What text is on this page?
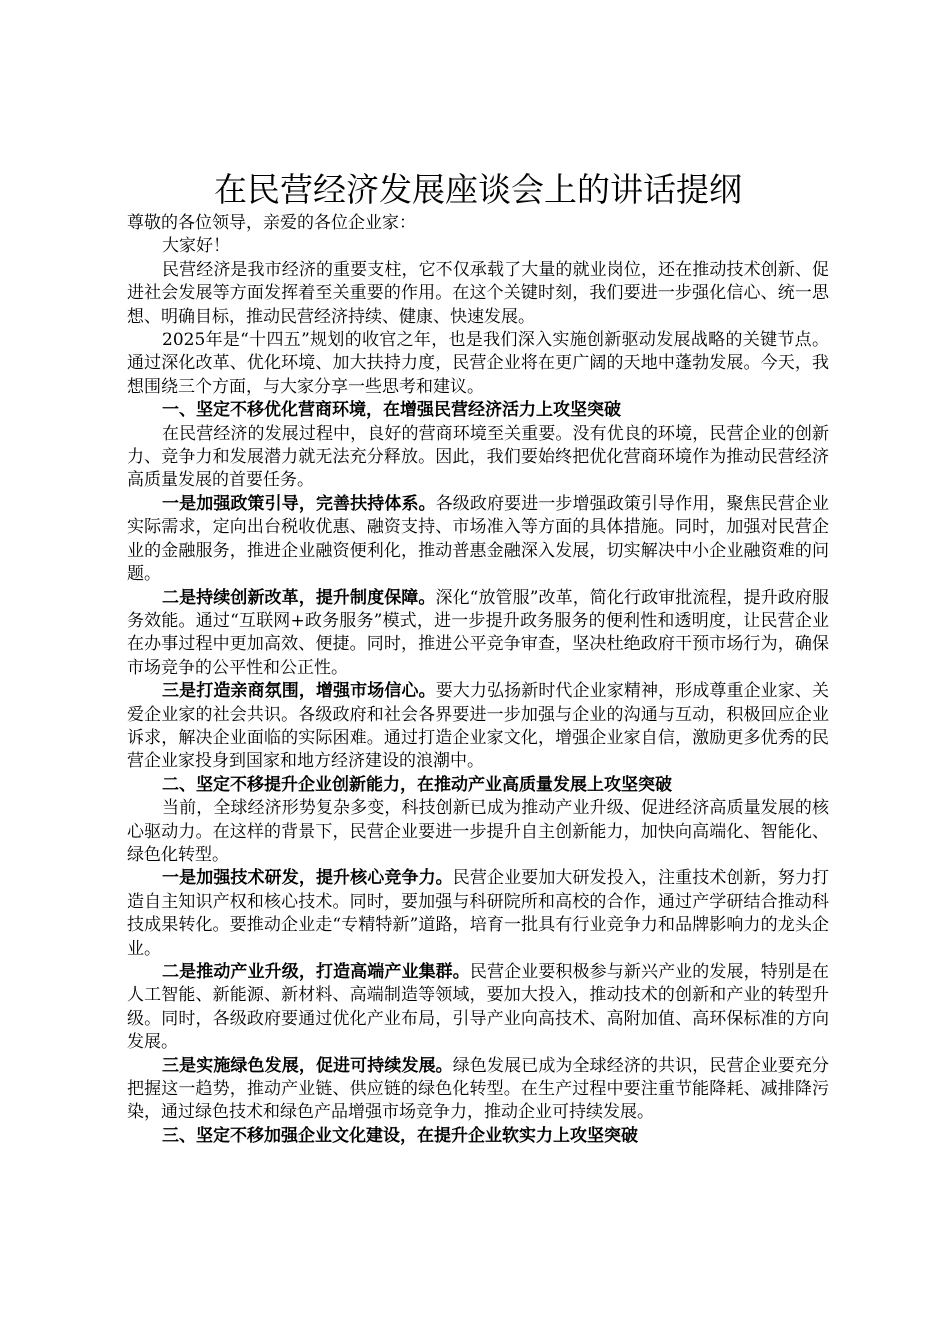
在民营经济发展座谈会上的讲话提纲

尊敬的各位领导，亲爱的各位企业家：

大家好！

民营经济是我市经济的重要支柱，它不仅承载了大量的就业岗位，还在推动技术创新、促进社会发展等方面发挥着至关重要的作用。在这个关键时刻，我们要进一步强化信心、统一思想、明确目标，推动民营经济持续、健康、快速发展。

2025年是“十四五”规划的收官之年，也是我们深入实施创新驱动发展战略的关键节点。通过深化改革、优化环境、加大扶持力度，民营企业将在更广阔的天地中蓬勃发展。今天，我想围绕三个方面，与大家分享一些思考和建议。

一、坚定不移优化营商环境，在增强民营经济活力上攻坚突破

在民营经济的发展过程中，良好的营商环境至关重要。没有优良的环境，民营企业的创新力、竞争力和发展潜力就无法充分释放。因此，我们要始终把优化营商环境作为推动民营经济高质量发展的首要任务。

一是加强政策引导，完善扶持体系。各级政府要进一步增强政策引导作用，聚焦民营企业实际需求，定向出台税收优惠、融资支持、市场准入等方面的具体措施。同时，加强对民营企业的金融服务，推进企业融资便利化，推动普惠金融深入发展，切实解决中小企业融资难的问题。

二是持续创新改革，提升制度保障。深化“放管服”改革，简化行政审批流程，提升政府服务效能。通过“互联网+政务服务”模式，进一步提升政务服务的便利性和透明度，让民营企业在办事过程中更加高效、便捷。同时，推进公平竞争审查，坚决杜绝政府干预市场行为，确保市场竞争的公平性和公正性。

三是打造亲商氛围，增强市场信心。要大力弘扬新时代企业家精神，形成尊重企业家、关爱企业家的社会共识。各级政府和社会各界要进一步加强与企业的沟通与互动，积极回应企业诉求，解决企业面临的实际困难。通过打造企业家文化，增强企业家自信，激励更多优秀的民营企业家投身到国家和地方经济建设的浪潮中。

二、坚定不移提升企业创新能力，在推动产业高质量发展上攻坚突破

当前，全球经济形势复杂多变，科技创新已成为推动产业升级、促进经济高质量发展的核心驱动力。在这样的背景下，民营企业要进一步提升自主创新能力，加快向高端化、智能化、绿色化转型。

一是加强技术研发，提升核心竞争力。民营企业要加大研发投入，注重技术创新，努力打造自主知识产权和核心技术。同时，要加强与科研院所和高校的合作，通过产学研结合推动科技成果转化。要推动企业走“专精特新”道路，培育一批具有行业竞争力和品牌影响力的龙头企业。

二是推动产业升级，打造高端产业集群。民营企业要积极参与新兴产业的发展，特别是在人工智能、新能源、新材料、高端制造等领域，要加大投入，推动技术的创新和产业的转型升级。同时，各级政府要通过优化产业布局，引导产业向高技术、高附加值、高环保标准的方向发展。

三是实施绿色发展，促进可持续发展。绿色发展已成为全球经济的共识，民营企业要充分把握这一趋势，推动产业链、供应链的绿色化转型。在生产过程中要注重节能降耗、减排降污染，通过绿色技术和绿色产品增强市场竞争力，推动企业可持续发展。

三、坚定不移加强企业文化建设，在提升企业软实力上攻坚突破
